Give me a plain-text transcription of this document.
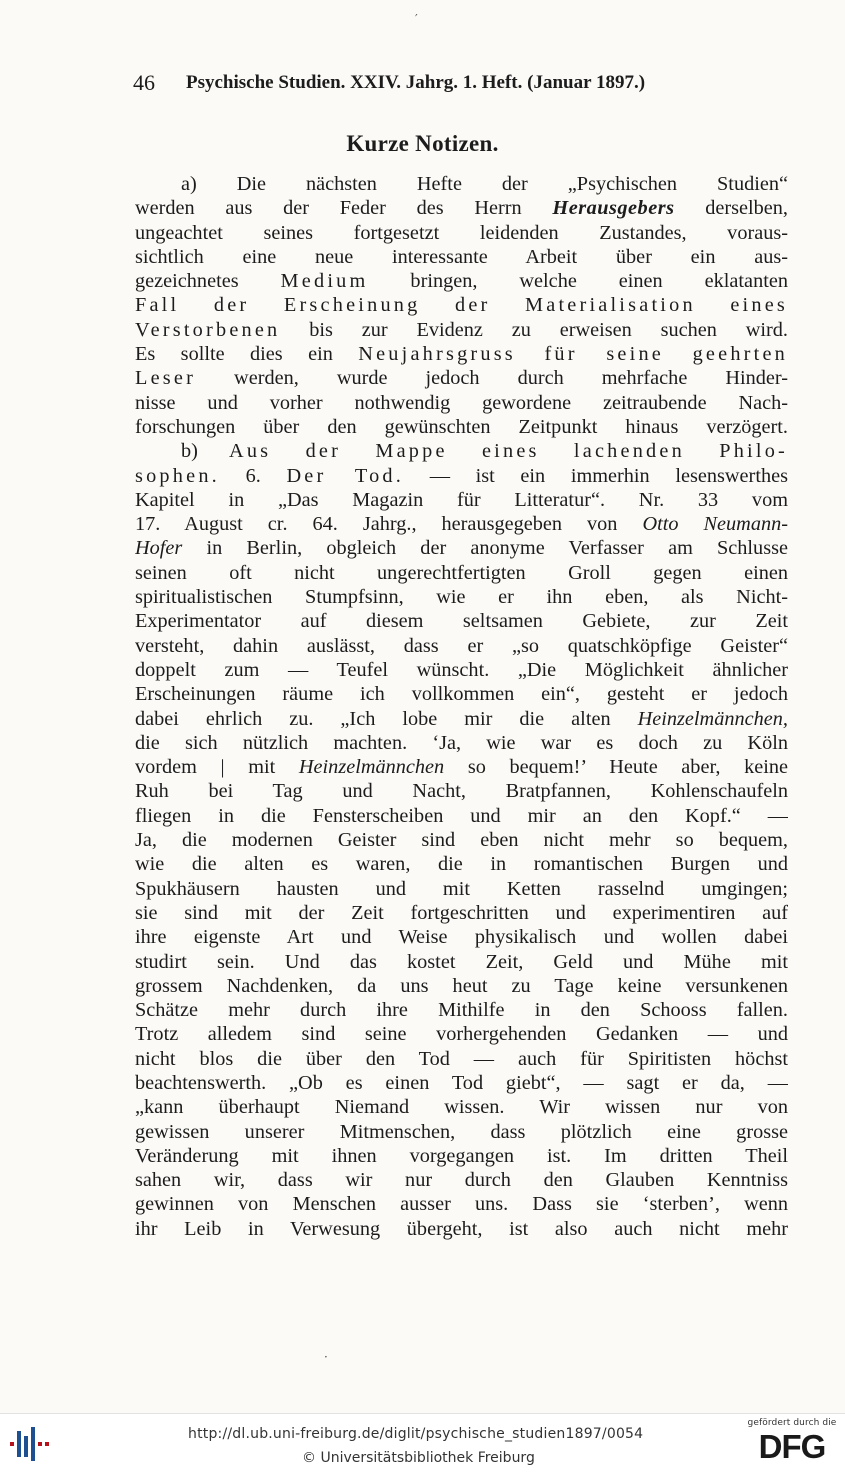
46 Psychische Studien. XXIV. Jahrg. 1. Heft. (Januar 1897.)
Kurze Notizen.
a) Die nächsten Hefte der „Psychischen Studien“
werden aus der Feder des Herrn Herausgebers derselben,
ungeachtet seines fortgesetzt leidenden Zustandes, voraus-
sichtlich eine neue interessante Arbeit über ein aus-
gezeichnetes Medium bringen, welche einen eklatanten
Fall der Erscheinung der Materialisation eines
Verstorbenen bis zur Evidenz zu erweisen suchen wird.
Es sollte dies ein Neujahrsgruss für seine geehrten
Leser werden, wurde jedoch durch mehrfache Hinder-
nisse und vorher nothwendig gewordene zeitraubende Nach-
forschungen über den gewünschten Zeitpunkt hinaus verzögert.
b) Aus der Mappe eines lachenden Philo-
sophen. 6. Der Tod. — ist ein immerhin lesenswerthes
Kapitel in „Das Magazin für Litteratur“. Nr. 33 vom
17. August cr. 64. Jahrg., herausgegeben von Otto Neumann-
Hofer in Berlin, obgleich der anonyme Verfasser am Schlusse
seinen oft nicht ungerechtfertigten Groll gegen einen
spiritualistischen Stumpfsinn, wie er ihn eben, als Nicht-
Experimentator auf diesem seltsamen Gebiete, zur Zeit
versteht, dahin auslässt, dass er „so quatschköpfige Geister“
doppelt zum — Teufel wünscht. „Die Möglichkeit ähnlicher
Erscheinungen räume ich vollkommen ein“, gesteht er jedoch
dabei ehrlich zu. „Ich lobe mir die alten Heinzelmännchen,
die sich nützlich machten. ‘Ja, wie war es doch zu Köln
vordem | mit Heinzelmännchen so bequem!’ Heute aber, keine
Ruh bei Tag und Nacht, Bratpfannen, Kohlenschaufeln
fliegen in die Fensterscheiben und mir an den Kopf.“ —
Ja, die modernen Geister sind eben nicht mehr so bequem,
wie die alten es waren, die in romantischen Burgen und
Spukhäusern hausten und mit Ketten rasselnd umgingen;
sie sind mit der Zeit fortgeschritten und experimentiren auf
ihre eigenste Art und Weise physikalisch und wollen dabei
studirt sein. Und das kostet Zeit, Geld und Mühe mit
grossem Nachdenken, da uns heut zu Tage keine versunkenen
Schätze mehr durch ihre Mithilfe in den Schooss fallen.
Trotz alledem sind seine vorhergehenden Gedanken — und
nicht blos die über den Tod — auch für Spiritisten höchst
beachtenswerth. „Ob es einen Tod giebt“, — sagt er da, —
„kann überhaupt Niemand wissen. Wir wissen nur von
gewissen unserer Mitmenschen, dass plötzlich eine grosse
Veränderung mit ihnen vorgegangen ist. Im dritten Theil
sahen wir, dass wir nur durch den Glauben Kenntniss
gewinnen von Menschen ausser uns. Dass sie ‘sterben’, wenn
ihr Leib in Verwesung übergeht, ist also auch nicht mehr
′
·
http://dl.ub.uni-freiburg.de/diglit/psychische_studien1897/0054
© Universitätsbibliothek Freiburg
gefördert durch die
DFG
